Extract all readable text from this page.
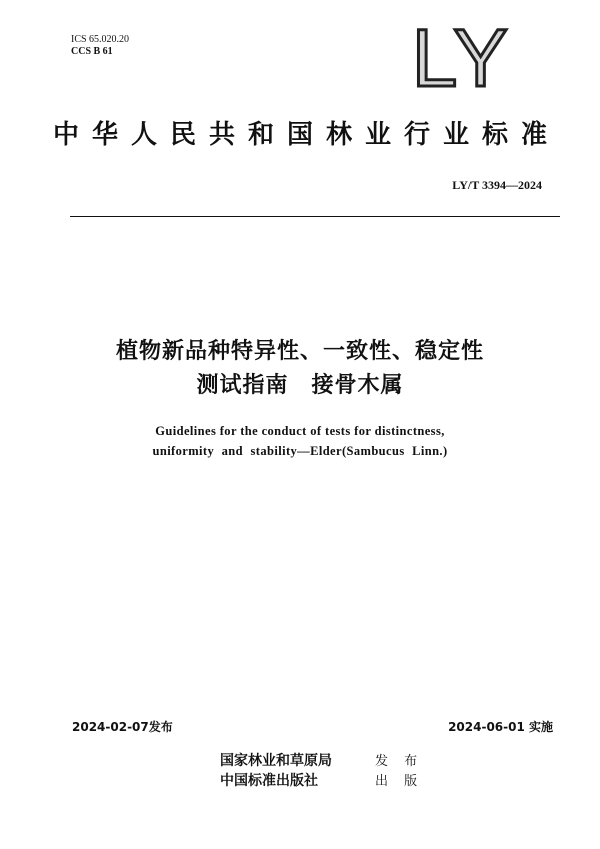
ICS 65.020.20
CCS B 61	LY
中华人民共和国林业行业标准
LY/T 3394—2024
植物新品种特异性、一致性、稳定性
测试指南　接骨木属
Guidelines for the conduct of tests for distinctness,
uniformity and stability—Elder(Sambucus Linn.)
2024-02-07发布	2024-06-01 实施
国家林业和草原局	发 布
中国标准出版社	出 版
